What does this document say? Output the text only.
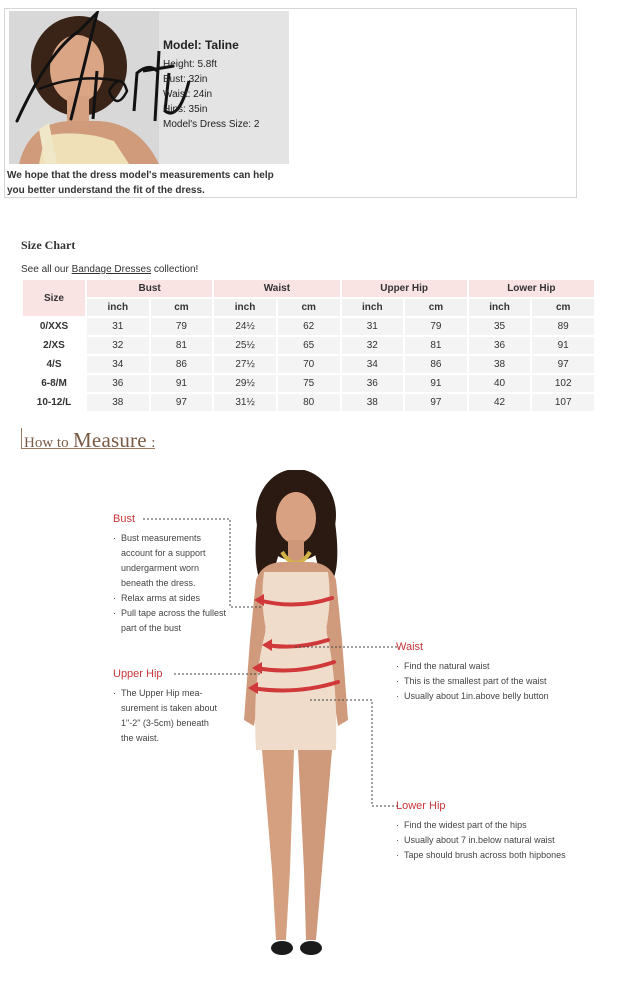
Model: Taline
Height: 5.8ft
Bust: 32in
Waist: 24in
Hips: 35in
Model's Dress Size: 2
We hope that the dress model's measurements can help
you better understand the fit of the dress.
Size Chart
See all our Bandage Dresses collection!
Size	Bust		Waist		Upper Hip		Lower Hip	
	inch	cm	inch	cm	inch	cm	inch	cm
0/XXS	31	79	24½	62	31	79	35	89
2/XS	32	81	25½	65	32	81	36	91
4/S	34	86	27½	70	34	86	38	97
6-8/M	36	91	29½	75	36	91	40	102
10-12/L	38	97	31½	80	38	97	42	107
How to Measure :
Bust
· Bust measurements account for a support undergarment worn beneath the dress.
· Relax arms at sides
· Pull tape across the fullest part of the bust
Upper Hip
· The Upper Hip mea-surement is taken about 1"-2" (3-5cm) beneath the waist.
Waist
· Find the natural waist
· This is the smallest part of the waist
· Usually about 1in.above belly button
Lower Hip
· Find the widest part of the hips
· Usually about 7 in.below natural waist
· Tape should brush across both hipbones
